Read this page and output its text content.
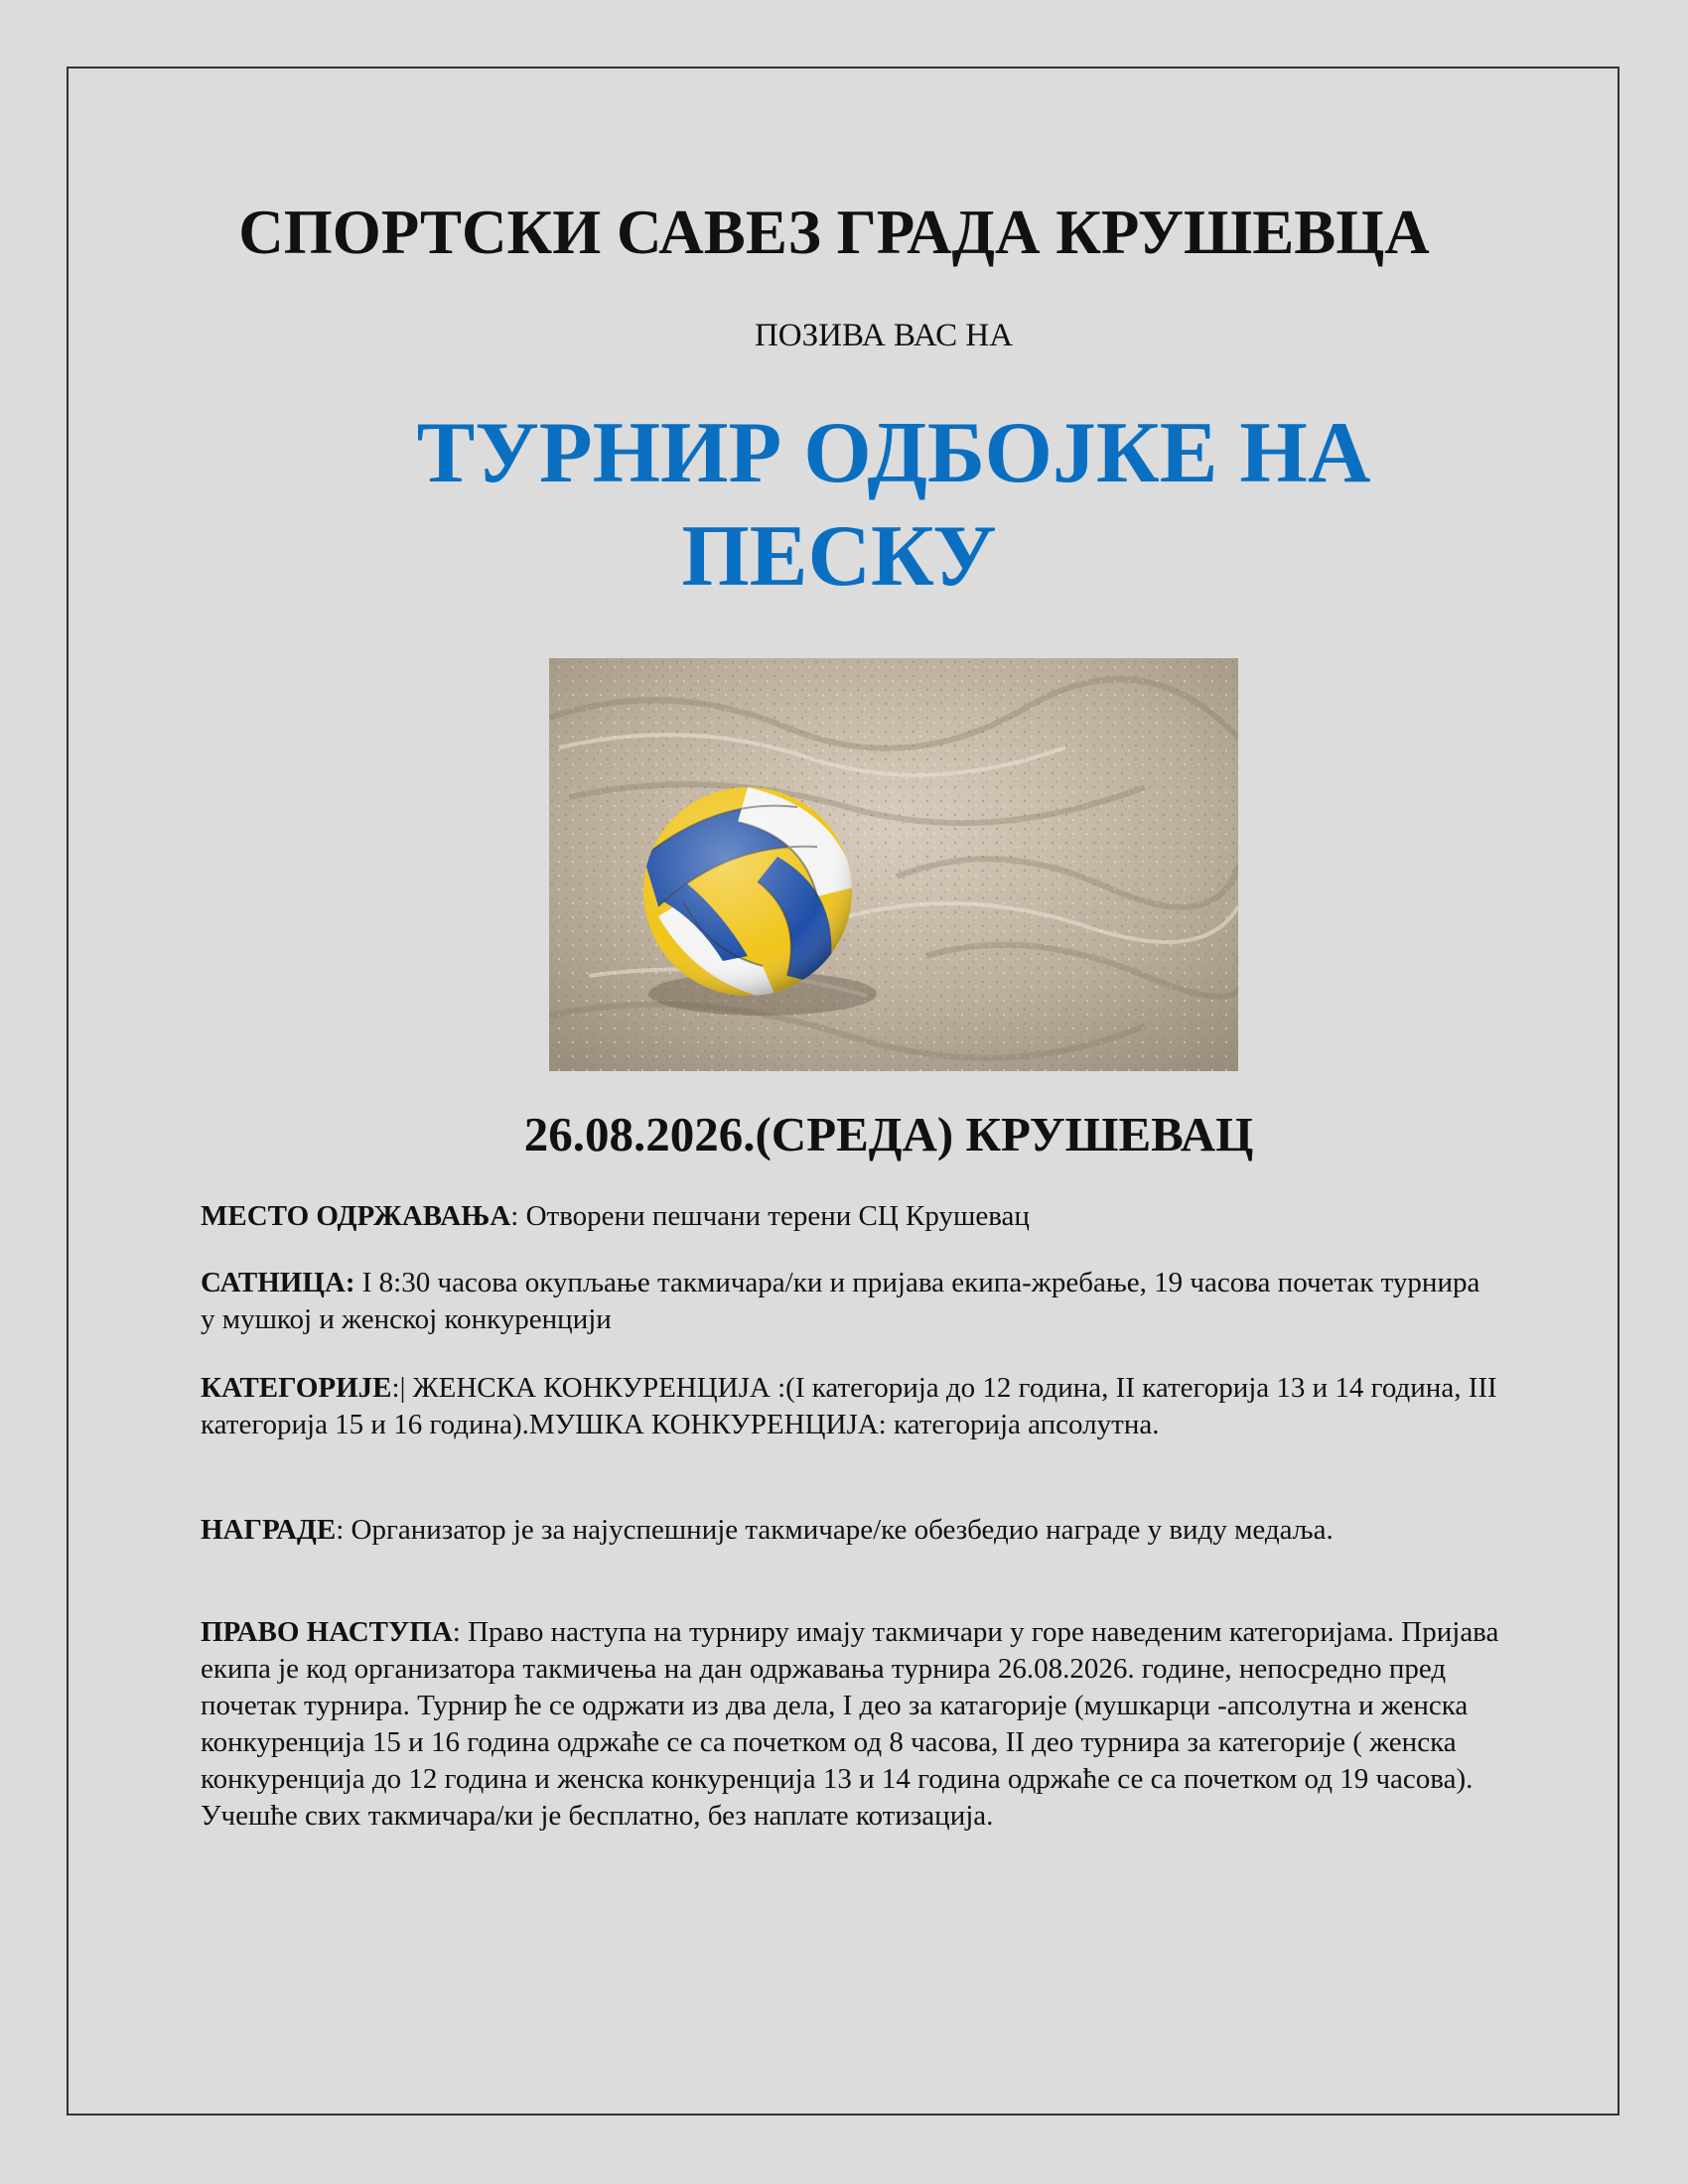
СПОРТСКИ САВЕЗ ГРАДА КРУШЕВЦА
ПОЗИВА ВАС НА
ТУРНИР ОДБОЈКЕ НА
ПЕСКУ
26.08.2026.(СРЕДА) КРУШЕВАЦ
МЕСТО ОДРЖАВАЊА: Отворени пешчани терени СЦ Крушевац
САТНИЦА: I 8:30 часова окупљање такмичара/ки и пријава екипа-жребање, 19 часова почетак турнира у мушкој и женској конкуренцији
КАТЕГОРИЈЕ:| ЖЕНСКА КОНКУРЕНЦИЈА :(I категорија до 12 година, II категорија 13 и 14 година, III категорија 15 и 16 година).МУШКА КОНКУРЕНЦИЈА: категорија апсолутна.
НАГРАДЕ: Организатор је за најуспешније такмичаре/ке обезбедио награде у виду медаља.
ПРАВО НАСТУПА: Право наступа на турниру имају такмичари у горе наведеним категоријама. Пријава екипа је код организатора такмичења на дан одржавања турнира 26.08.2026. године, непосредно пред почетак турнира. Турнир ће се одржати из два дела, I део за катагорије (мушкарци -апсолутна и женска конкуренција 15 и 16 година одржаће се са почетком од 8 часова, II део турнира за категорије ( женска конкуренција до 12 година и женска конкуренција 13 и 14 година одржаће се са почетком од 19 часова). Учешће свих такмичара/ки је бесплатно, без наплате котизација.
